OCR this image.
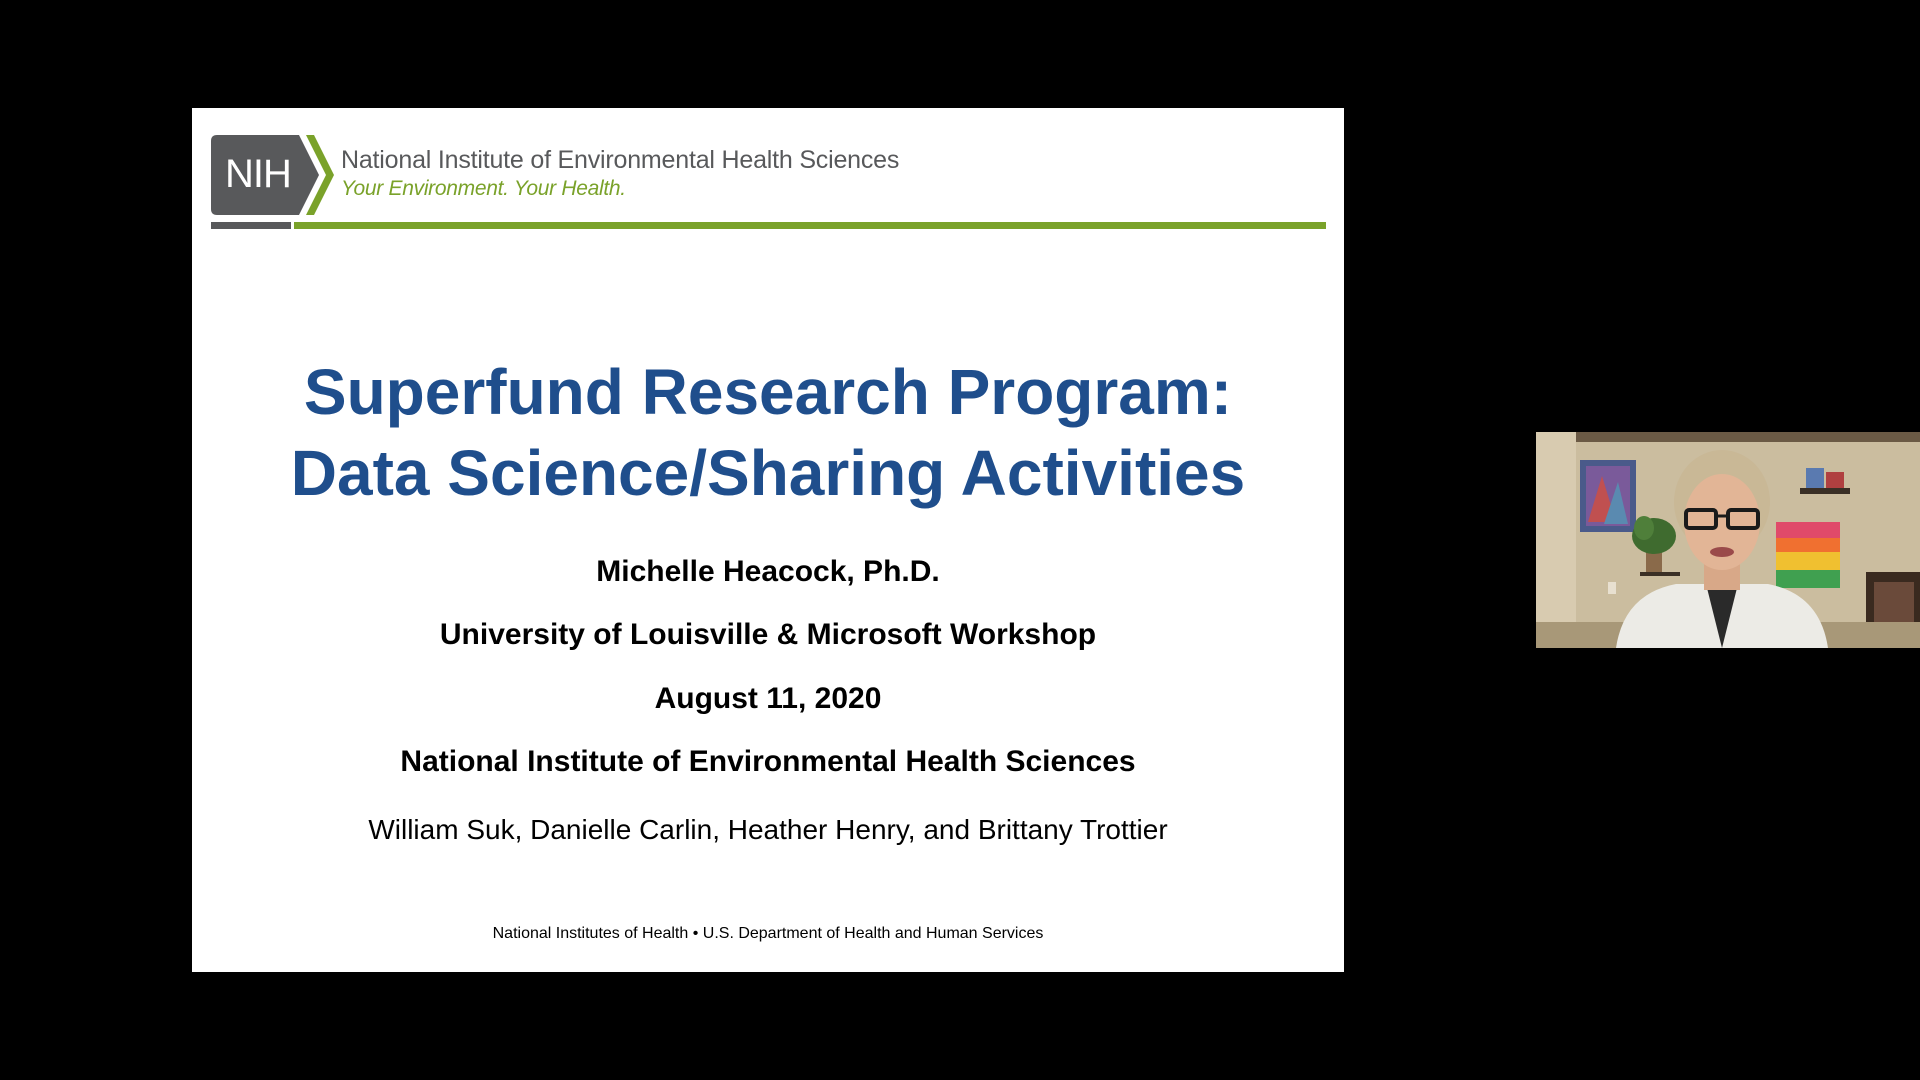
NIH National Institute of Environmental Health Sciences
Your Environment. Your Health.
Superfund Research Program:
Data Science/Sharing Activities
Michelle Heacock, Ph.D.
University of Louisville & Microsoft Workshop
August 11, 2020
National Institute of Environmental Health Sciences
William Suk, Danielle Carlin, Heather Henry, and Brittany Trottier
National Institutes of Health • U.S. Department of Health and Human Services
